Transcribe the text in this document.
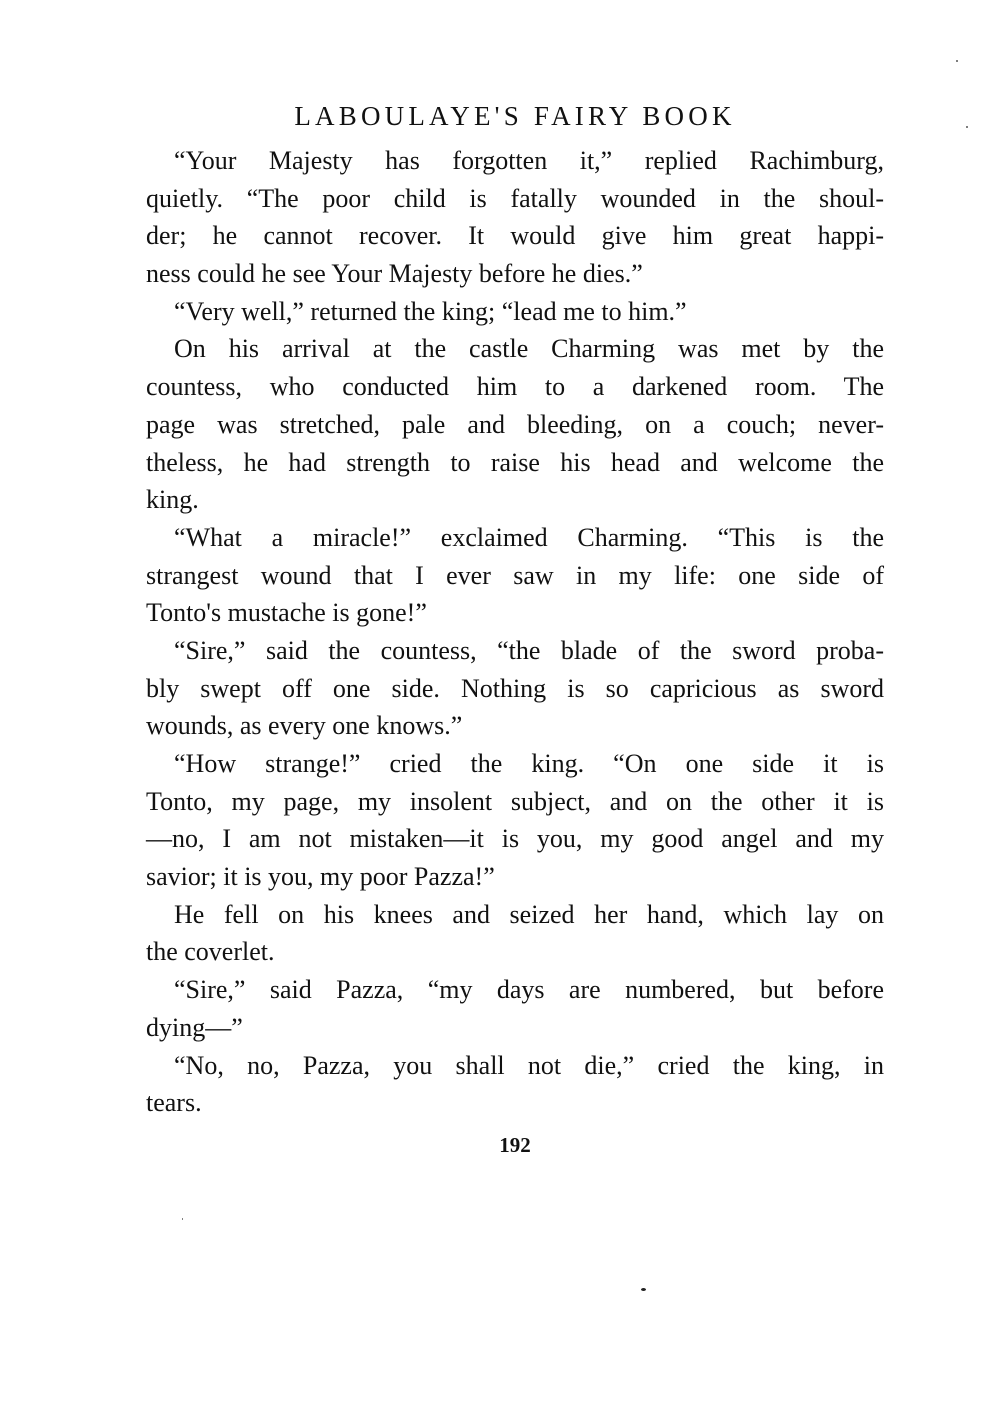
LABOULAYE'S FAIRY BOOK
“Your Majesty has forgotten it,” replied Rachimburg,
quietly. “The poor child is fatally wounded in the shoul-
der; he cannot recover. It would give him great happi-
ness could he see Your Majesty before he dies.”
“Very well,” returned the king; “lead me to him.”
On his arrival at the castle Charming was met by the
countess, who conducted him to a darkened room. The
page was stretched, pale and bleeding, on a couch; never-
theless, he had strength to raise his head and welcome the
king.
“What a miracle!” exclaimed Charming. “This is the
strangest wound that I ever saw in my life: one side of
Tonto's mustache is gone!”
“Sire,” said the countess, “the blade of the sword proba-
bly swept off one side. Nothing is so capricious as sword
wounds, as every one knows.”
“How strange!” cried the king. “On one side it is
Tonto, my page, my insolent subject, and on the other it is
—no, I am not mistaken—it is you, my good angel and my
savior; it is you, my poor Pazza!”
He fell on his knees and seized her hand, which lay on
the coverlet.
“Sire,” said Pazza, “my days are numbered, but before
dying—”
“No, no, Pazza, you shall not die,” cried the king, in
tears.
192
